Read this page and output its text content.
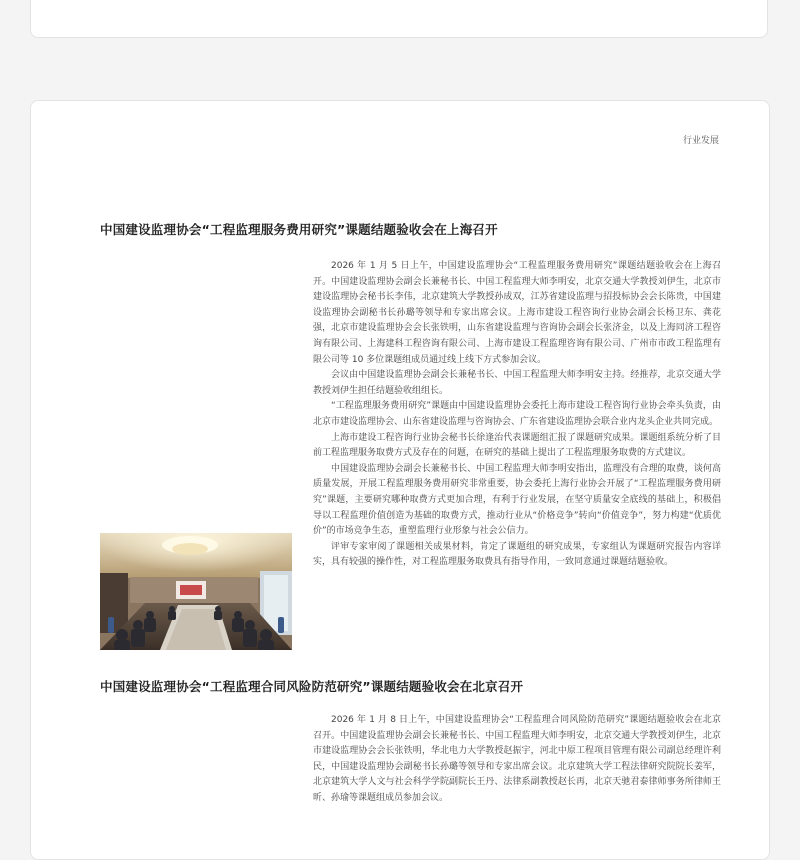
行业发展
中国建设监理协会“工程监理服务费用研究”课题结题验收会在上海召开

2026 年 1 月 5 日上午，中国建设监理协会“工程监理服务费用研究”课题结题验收会在上海召开。中国建设监理协会副会长兼秘书长、中国工程监理大师李明安，北京交通大学教授刘伊生，北京市建设监理协会秘书长李伟，北京建筑大学教授孙成双，江苏省建设监理与招投标协会会长陈贵，中国建设监理协会副秘书长孙璐等领导和专家出席会议。上海市建设工程咨询行业协会副会长杨卫东、龚花强，北京市建设监理协会会长张铁明，山东省建设监理与咨询协会副会长张济金，以及上海同济工程咨询有限公司、上海建科工程咨询有限公司、上海市建设工程监理咨询有限公司、广州市市政工程监理有限公司等 10 多位课题组成员通过线上线下方式参加会议。

会议由中国建设监理协会副会长兼秘书长、中国工程监理大师李明安主持。经推荐，北京交通大学教授刘伊生担任结题验收组组长。

“工程监理服务费用研究”课题由中国建设监理协会委托上海市建设工程咨询行业协会牵头负责，由北京市建设监理协会、山东省建设监理与咨询协会、广东省建设监理协会联合业内龙头企业共同完成。

上海市建设工程咨询行业协会秘书长徐逢治代表课题组汇报了课题研究成果。课题组系统分析了目前工程监理服务取费方式及存在的问题，在研究的基础上提出了工程监理服务取费的方式建议。

中国建设监理协会副会长兼秘书长、中国工程监理大师李明安指出，监理没有合理的取费，谈何高质量发展，开展工程监理服务费用研究非常重要，协会委托上海行业协会开展了“工程监理服务费用研究”课题，主要研究哪种取费方式更加合理，有利于行业发展，在坚守质量安全底线的基础上，积极倡导以工程监理价值创造为基础的取费方式，推动行业从“价格竞争”转向“价值竞争”，努力构建“优质优价”的市场竞争生态，重塑监理行业形象与社会公信力。

评审专家审阅了课题相关成果材料，肯定了课题组的研究成果，专家组认为课题研究报告内容详实，具有较强的操作性，对工程监理服务取费具有指导作用，一致同意通过课题结题验收。

中国建设监理协会“工程监理合同风险防范研究”课题结题验收会在北京召开

2026 年 1 月 8 日上午，中国建设监理协会“工程监理合同风险防范研究”课题结题验收会在北京召开。中国建设监理协会副会长兼秘书长、中国工程监理大师李明安，北京交通大学教授刘伊生，北京市建设监理协会会长张铁明，华北电力大学教授赵振宇，河北中原工程项目管理有限公司副总经理许利民，中国建设监理协会副秘书长孙璐等领导和专家出席会议。北京建筑大学工程法律研究院院长姜军，北京建筑大学人文与社会科学学院副院长王丹、法律系副教授赵长再，北京天驰君泰律师事务所律师王昕、孙瑜等课题组成员参加会议。
